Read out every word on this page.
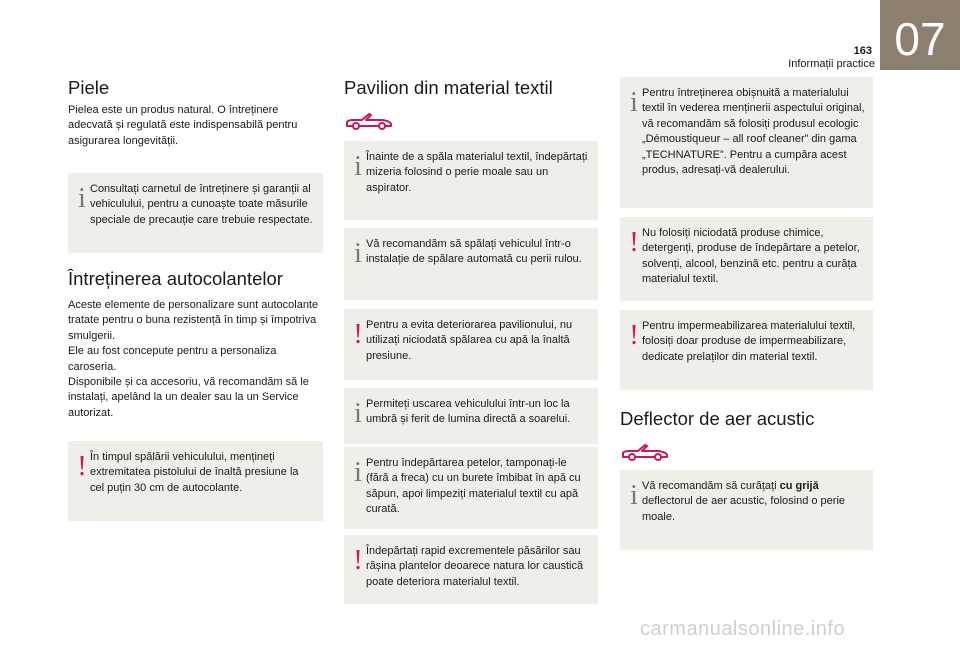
07
163
Informații practice
Piele

Pielea este un produs natural. O întreținere adecvată și regulată este indispensabilă pentru asigurarea longevității.

i Consultați carnetul de întreținere și garanții al vehiculului, pentru a cunoaște toate măsurile speciale de precauție care trebuie respectate.
Întreținerea autocolantelor

Aceste elemente de personalizare sunt autocolante tratate pentru o buna rezistență în timp și împotriva smulgerii.
Ele au fost concepute pentru a personaliza caroseria.
Disponibile și ca accesoriu, vă recomandăm să le instalați, apelând la un dealer sau la un Service autorizat.

! În timpul spălării vehiculului, mențineți extremitatea pistolului de înaltă presiune la cel puțin 30 cm de autocolante.
Pavilion din material textil
i Înainte de a spăla materialul textil, îndepărtați mizeria folosind o perie moale sau un aspirator.
i Vă recomandăm să spălați vehiculul într-o instalație de spălare automată cu perii rulou.
! Pentru a evita deteriorarea pavilionului, nu utilizați niciodată spălarea cu apă la înaltă presiune.
i Permiteți uscarea vehiculului într-un loc la umbră și ferit de lumina directă a soarelui.
i Pentru îndepărtarea petelor, tamponați-le (fără a freca) cu un burete îmbibat în apă cu săpun, apoi limpeziți materialul textil cu apă curată.
! Îndepărtați rapid excrementele păsărilor sau rășina plantelor deoarece natura lor caustică poate deteriora materialul textil.
i Pentru întreținerea obișnuită a materialului textil în vederea menținerii aspectului original, vă recomandăm să folosiți produsul ecologic „Démoustiqueur – all roof cleaner” din gama „TECHNATURE”. Pentru a cumpăra acest produs, adresați-vă dealerului.
! Nu folosiți niciodată produse chimice, detergenți, produse de îndepărtare a petelor, solvenți, alcool, benzină etc. pentru a curăța materialul textil.
! Pentru impermeabilizarea materialului textil, folosiți doar produse de impermeabilizare, dedicate prelaților din material textil.
Deflector de aer acustic
i Vă recomandăm să curățați cu grijă deflectorul de aer acustic, folosind o perie moale.
carmanualsonline.info
